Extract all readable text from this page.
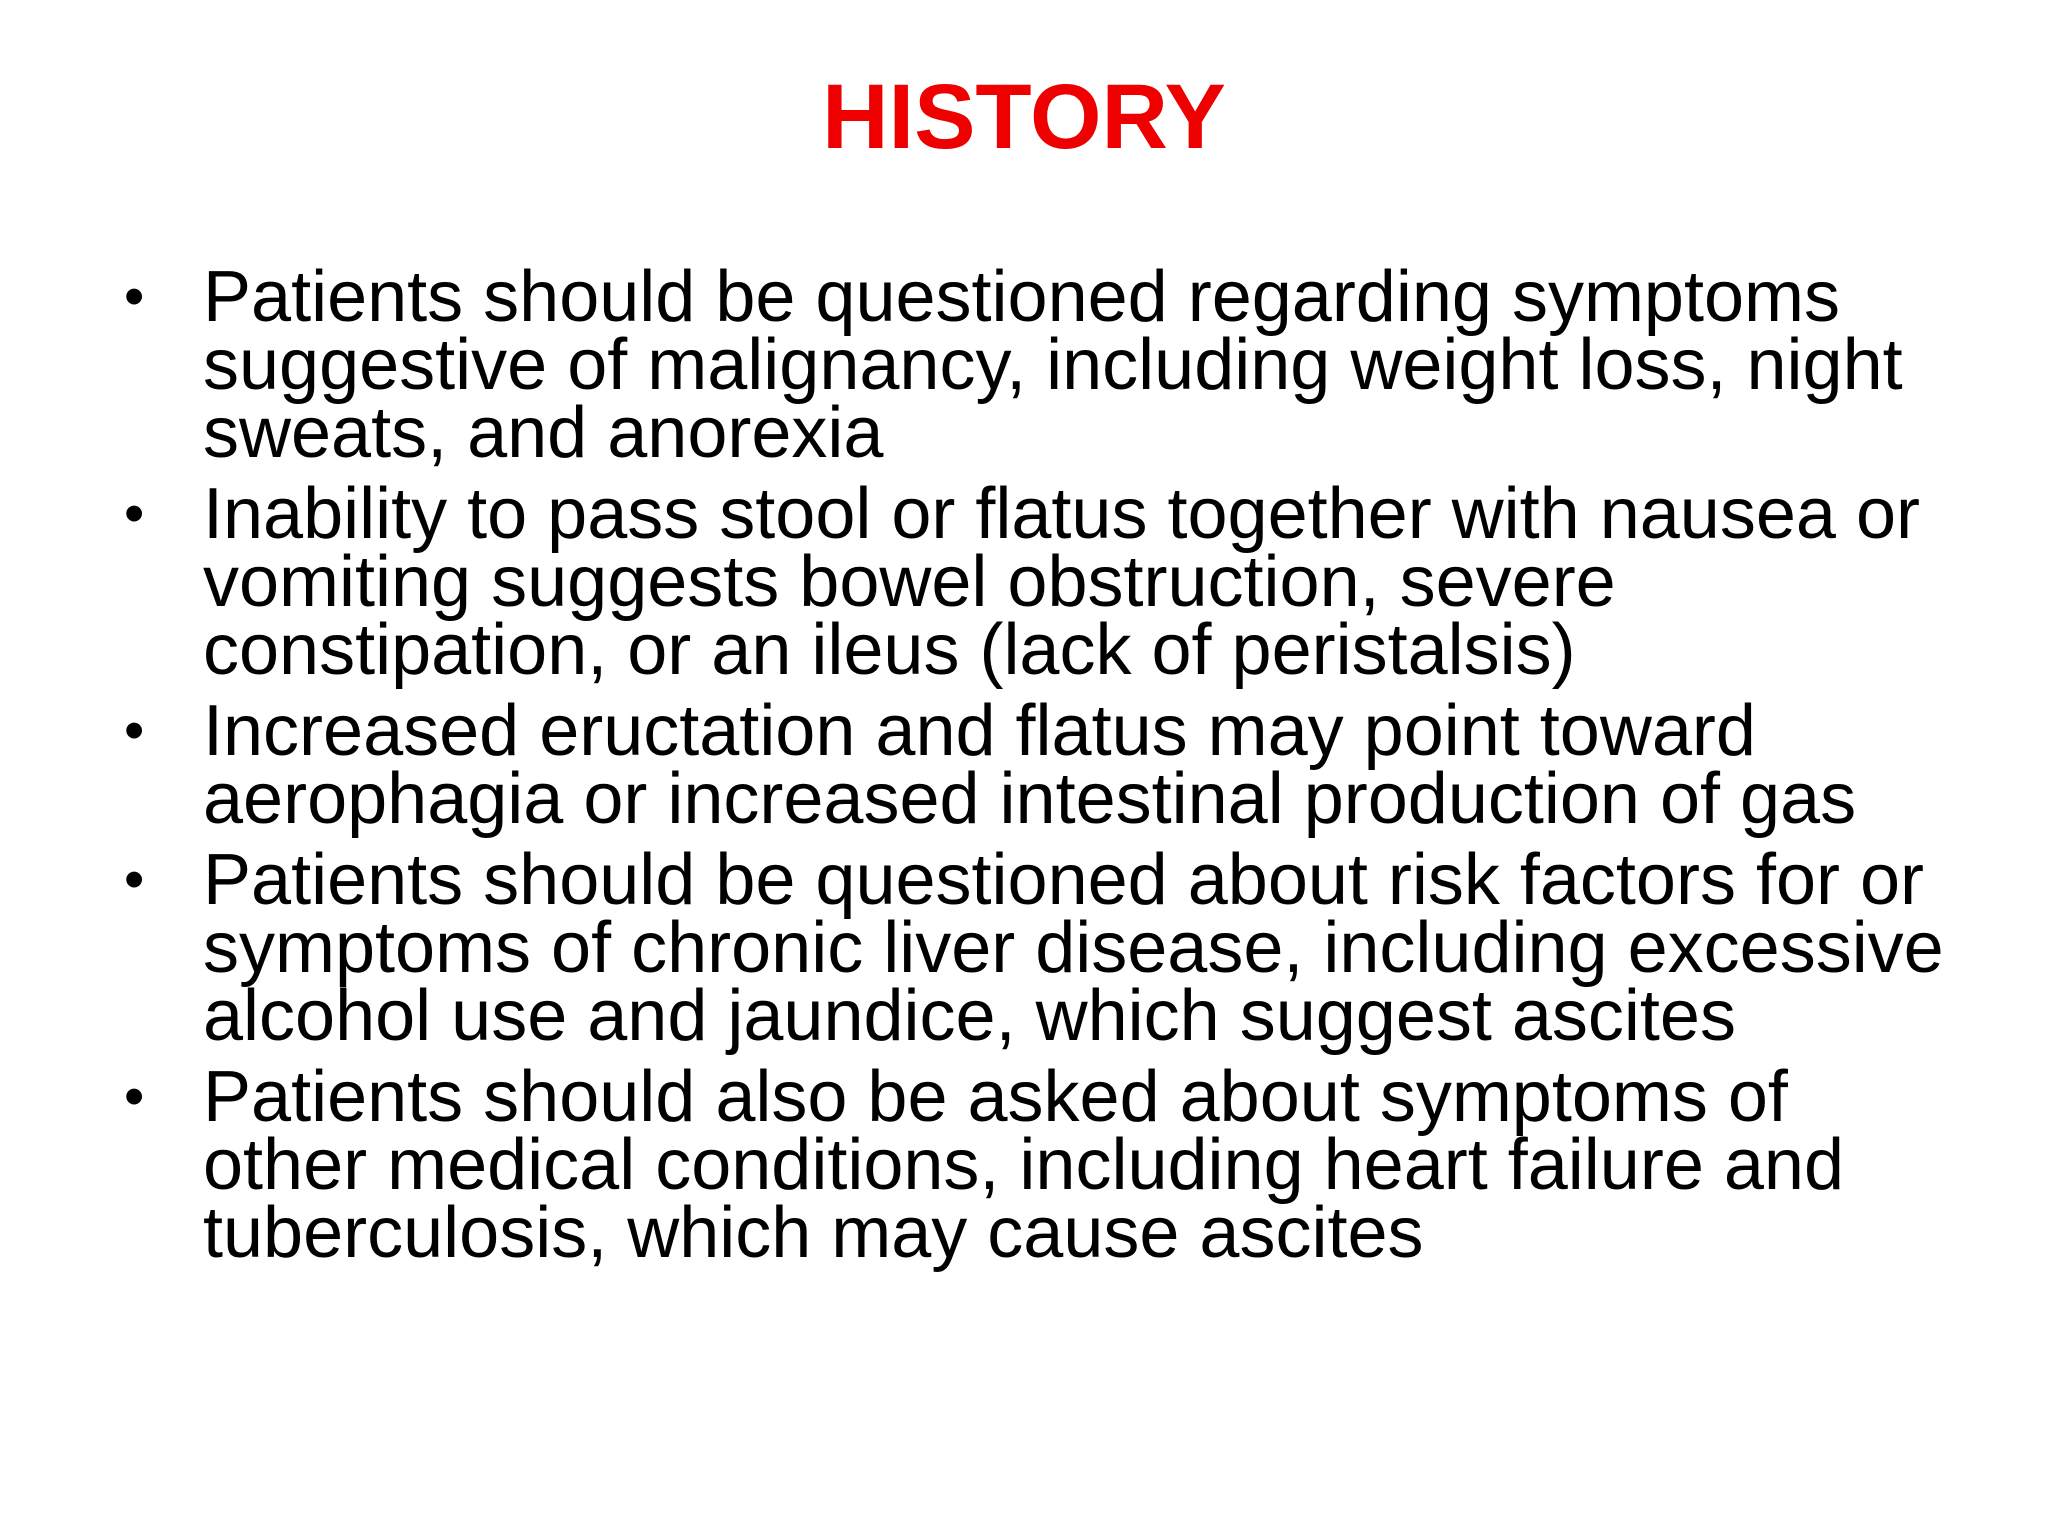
HISTORY
• Patients should be questioned regarding symptoms suggestive of malignancy, including weight loss, night sweats, and anorexia
• Inability to pass stool or flatus together with nausea or vomiting suggests bowel obstruction, severe constipation, or an ileus (lack of peristalsis)
• Increased eructation and flatus may point toward aerophagia or increased intestinal production of gas
• Patients should be questioned about risk factors for or symptoms of chronic liver disease, including excessive alcohol use and jaundice, which suggest ascites
• Patients should also be asked about symptoms of other medical conditions, including heart failure and tuberculosis, which may cause ascites
